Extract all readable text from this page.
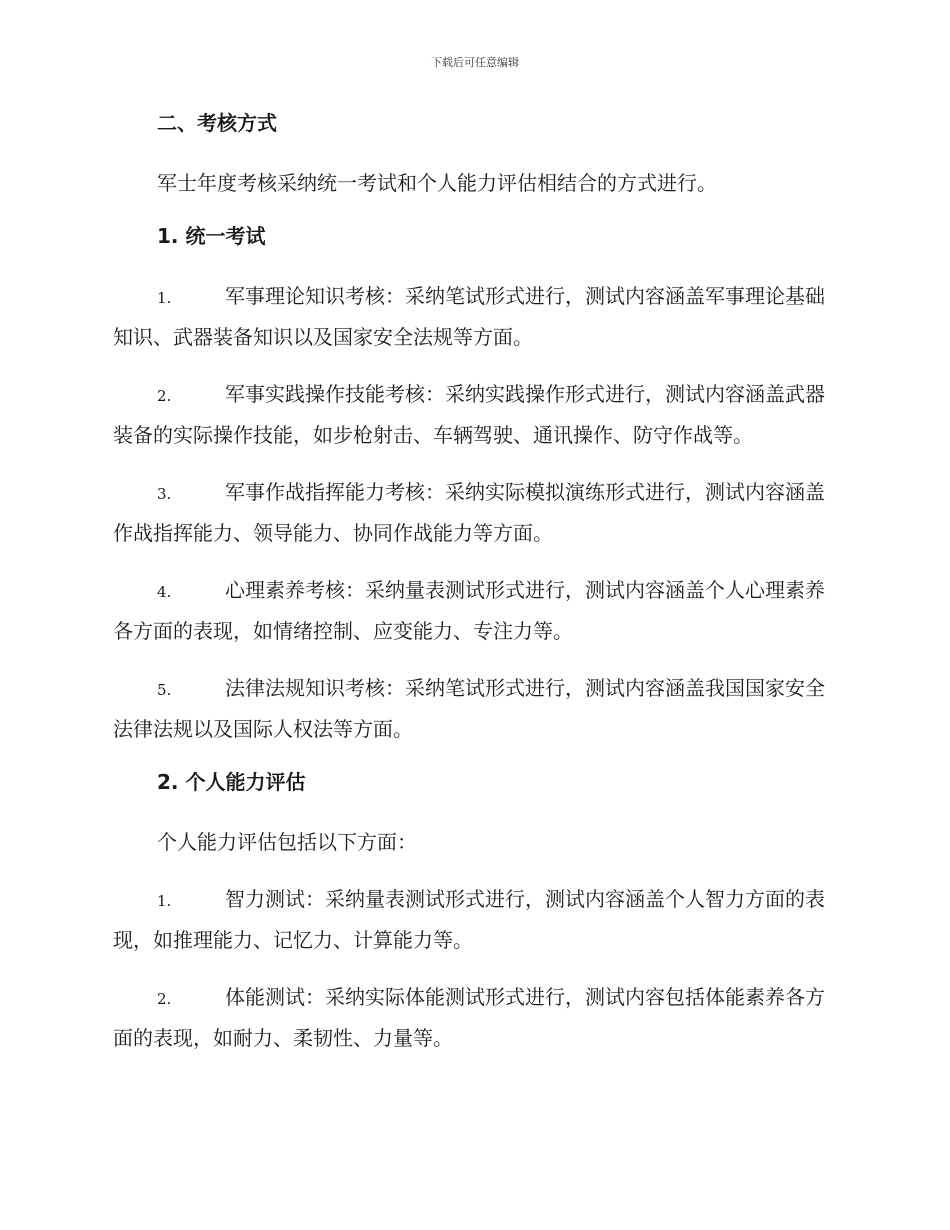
下载后可任意编辑
二、考核方式
军士年度考核采纳统一考试和个人能力评估相结合的方式进行。
1. 统一考试
1.	军事理论知识考核：采纳笔试形式进行，测试内容涵盖军事理论基础知识、武器装备知识以及国家安全法规等方面。
2.	军事实践操作技能考核：采纳实践操作形式进行，测试内容涵盖武器装备的实际操作技能，如步枪射击、车辆驾驶、通讯操作、防守作战等。
3.	军事作战指挥能力考核：采纳实际模拟演练形式进行，测试内容涵盖作战指挥能力、领导能力、协同作战能力等方面。
4.	心理素养考核：采纳量表测试形式进行，测试内容涵盖个人心理素养各方面的表现，如情绪控制、应变能力、专注力等。
5.	法律法规知识考核：采纳笔试形式进行，测试内容涵盖我国国家安全法律法规以及国际人权法等方面。
2. 个人能力评估
个人能力评估包括以下方面：
1.	智力测试：采纳量表测试形式进行，测试内容涵盖个人智力方面的表现，如推理能力、记忆力、计算能力等。
2.	体能测试：采纳实际体能测试形式进行，测试内容包括体能素养各方面的表现，如耐力、柔韧性、力量等。
